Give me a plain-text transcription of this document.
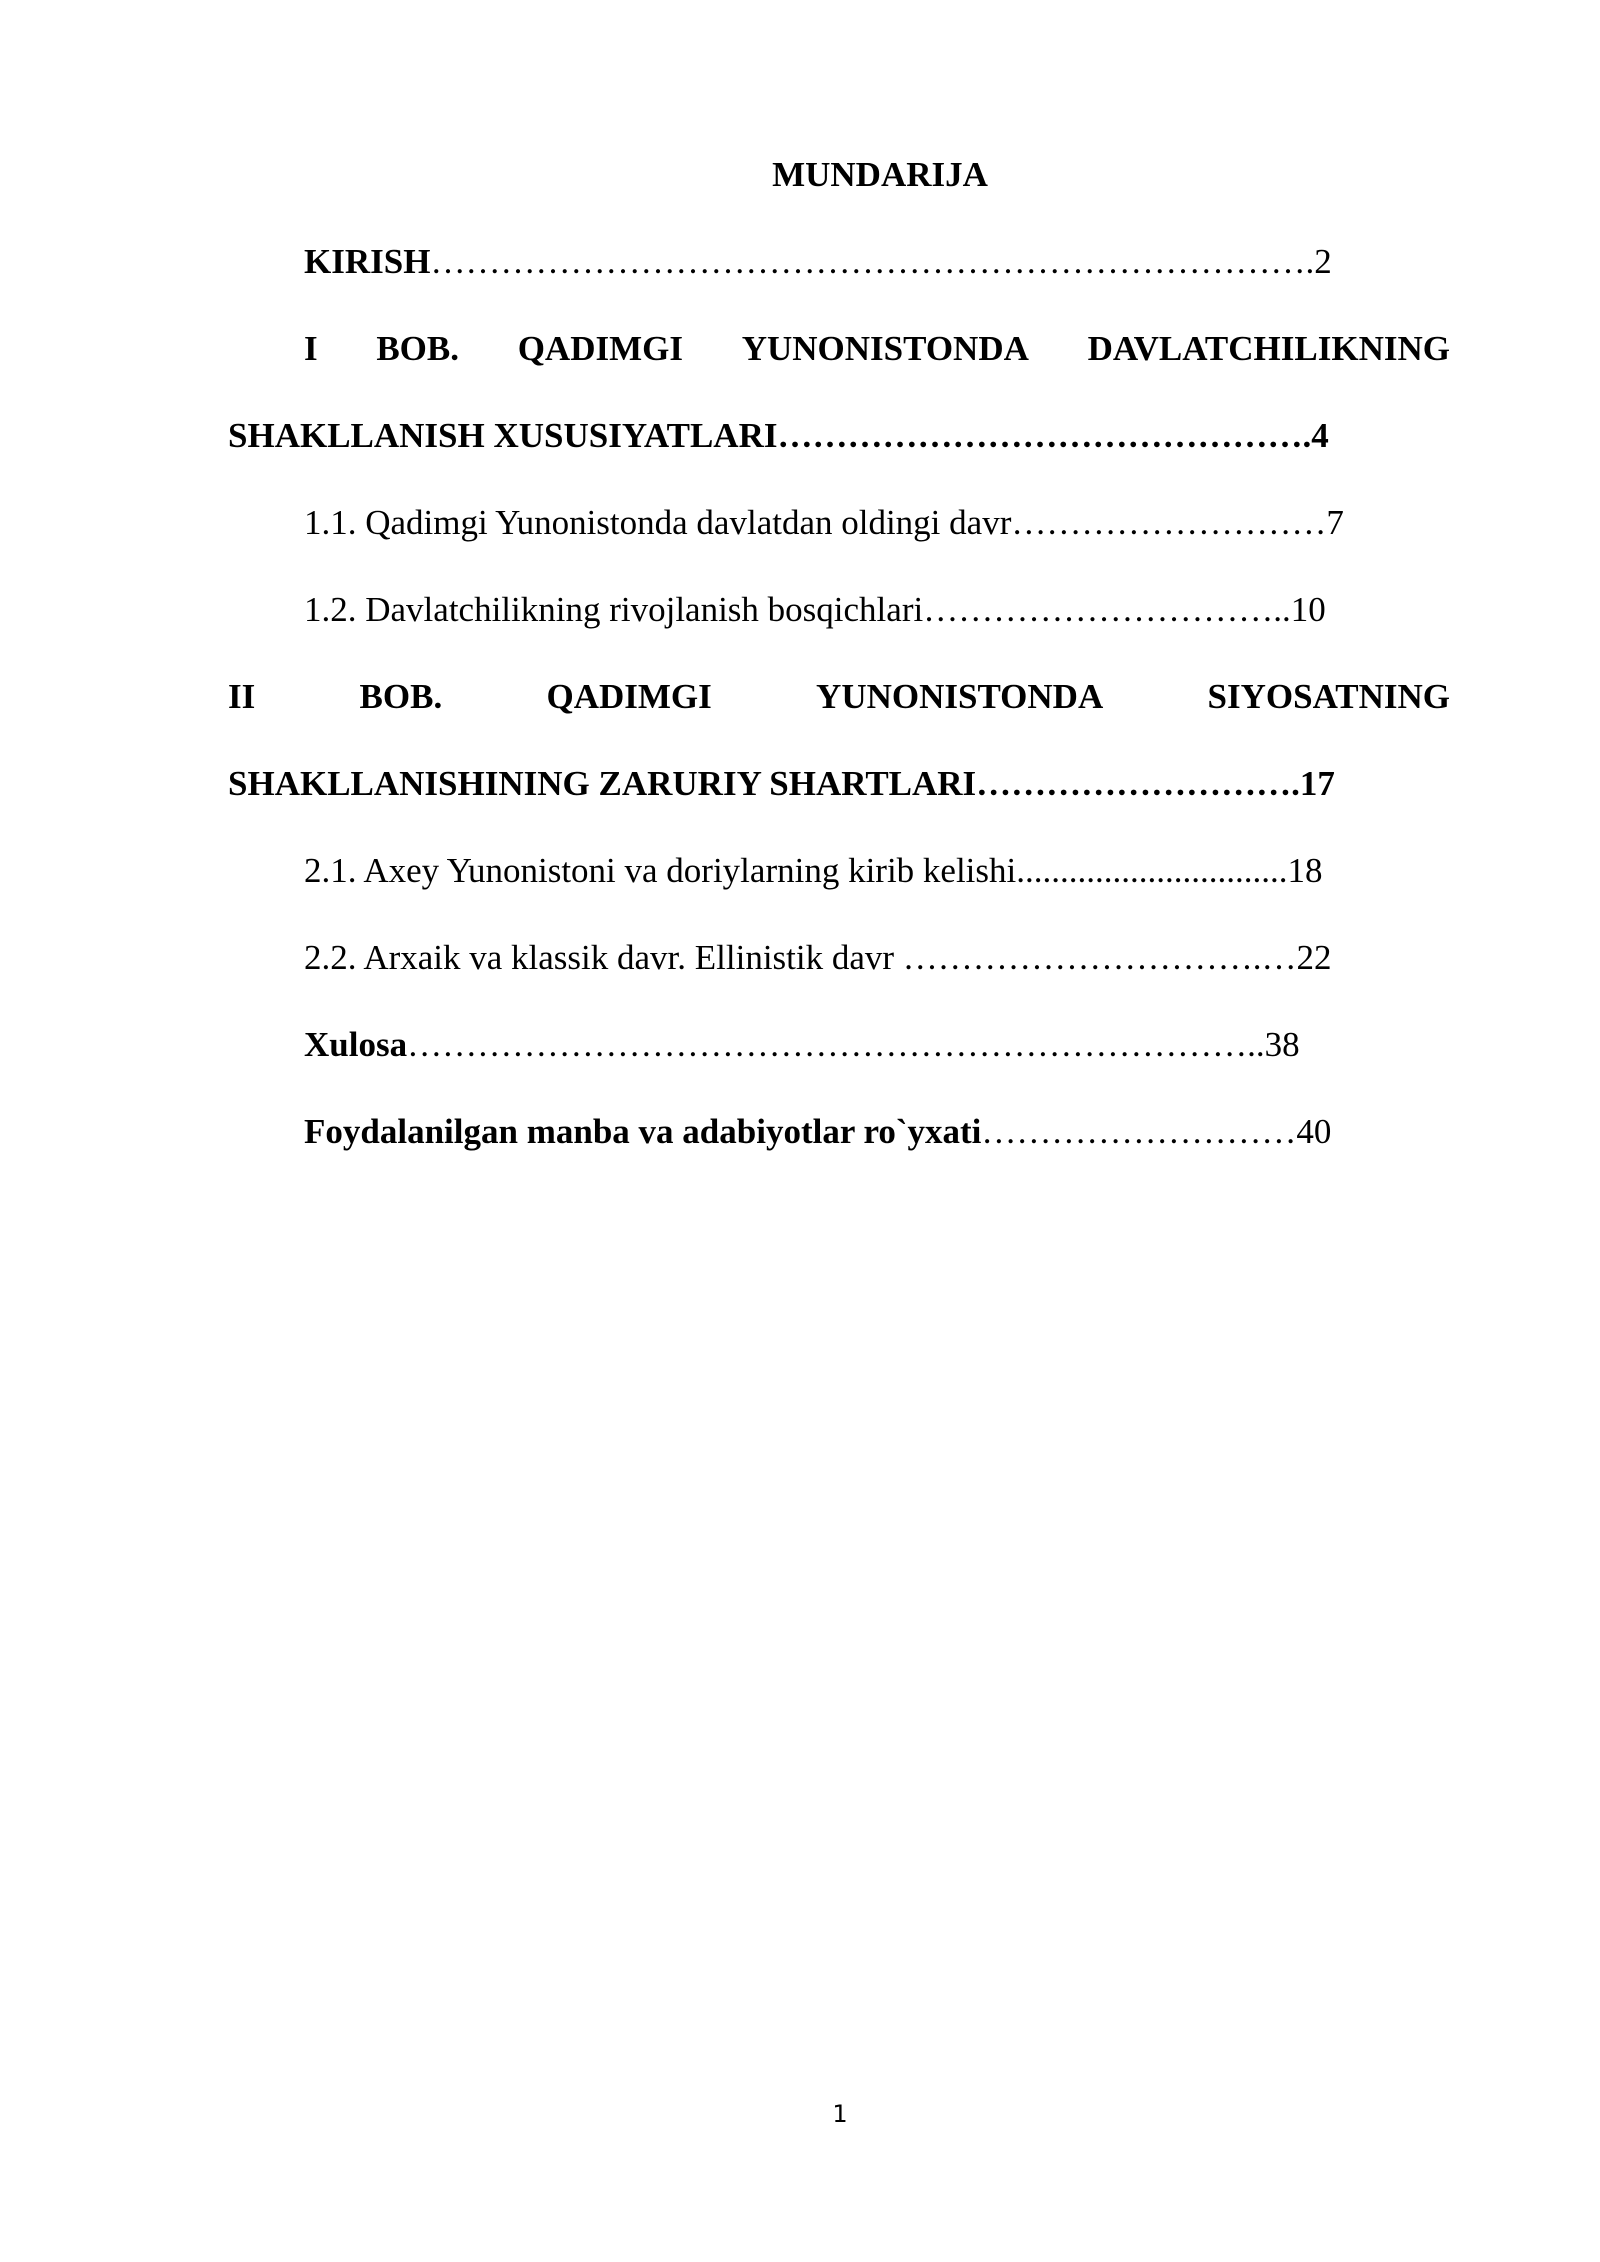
MUNDARIJA
KIRISH………………………………………………………………….2
I BOB. QADIMGI YUNONISTONDA DAVLATCHILIKNING
SHAKLLANISH XUSUSIYATLARI……………………………………….4
1.1. Qadimgi Yunonistonda davlatdan oldingi davr………………………7
1.2. Davlatchilikning rivojlanish bosqichlari…………………………..10
II	BOB.	QADIMGI	YUNONISTONDA	SIYOSATNING
SHAKLLANISHINING ZARURIY SHARTLARI……………………….17
2.1. Axey Yunonistoni va doriylarning kirib kelishi...............................18
2.2. Arxaik va klassik davr. Ellinistik davr ………………………….…22
Xulosa………………………………………………………………..38
Foydalanilgan manba va adabiyotlar ro`yxati………………………40
1
